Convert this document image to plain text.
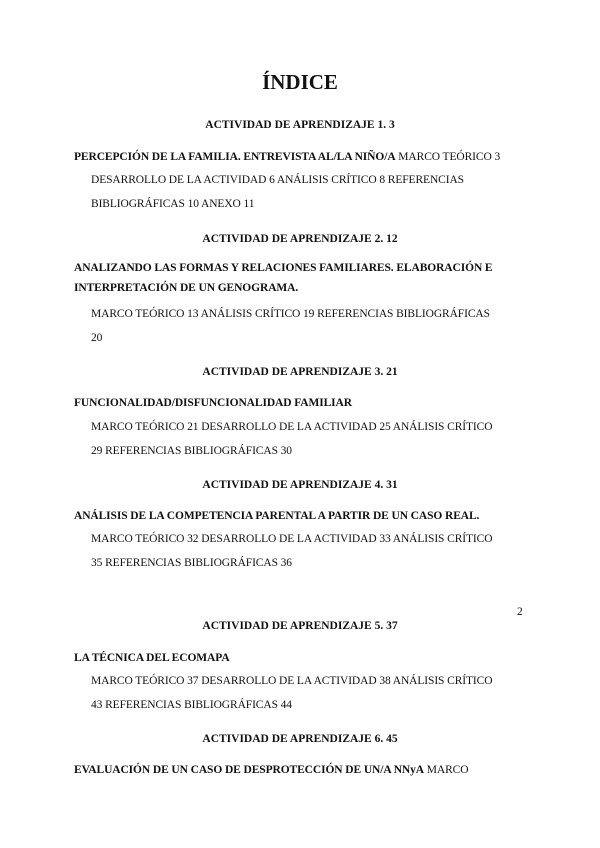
ÍNDICE

ACTIVIDAD DE APRENDIZAJE 1. 3

PERCEPCIÓN DE LA FAMILIA. ENTREVISTA AL/LA NIÑO/A MARCO TEÓRICO 3

DESARROLLO DE LA ACTIVIDAD 6 ANÁLISIS CRÍTICO 8 REFERENCIAS

BIBLIOGRÁFICAS 10 ANEXO 11

ACTIVIDAD DE APRENDIZAJE 2. 12

ANALIZANDO LAS FORMAS Y RELACIONES FAMILIARES. ELABORACIÓN E

INTERPRETACIÓN DE UN GENOGRAMA.

MARCO TEÓRICO 13 ANÁLISIS CRÍTICO 19 REFERENCIAS BIBLIOGRÁFICAS

20

ACTIVIDAD DE APRENDIZAJE 3. 21

FUNCIONALIDAD/DISFUNCIONALIDAD FAMILIAR

MARCO TEÓRICO 21 DESARROLLO DE LA ACTIVIDAD 25 ANÁLISIS CRÍTICO

29 REFERENCIAS BIBLIOGRÁFICAS 30

ACTIVIDAD DE APRENDIZAJE 4. 31

ANÁLISIS DE LA COMPETENCIA PARENTAL A PARTIR DE UN CASO REAL.

MARCO TEÓRICO 32 DESARROLLO DE LA ACTIVIDAD 33 ANÁLISIS CRÍTICO

35 REFERENCIAS BIBLIOGRÁFICAS 36

2

ACTIVIDAD DE APRENDIZAJE 5. 37

LA TÉCNICA DEL ECOMAPA

MARCO TEÓRICO 37 DESARROLLO DE LA ACTIVIDAD 38 ANÁLISIS CRÍTICO

43 REFERENCIAS BIBLIOGRÁFICAS 44

ACTIVIDAD DE APRENDIZAJE 6. 45

EVALUACIÓN DE UN CASO DE DESPROTECCIÓN DE UN/A NNyA MARCO
